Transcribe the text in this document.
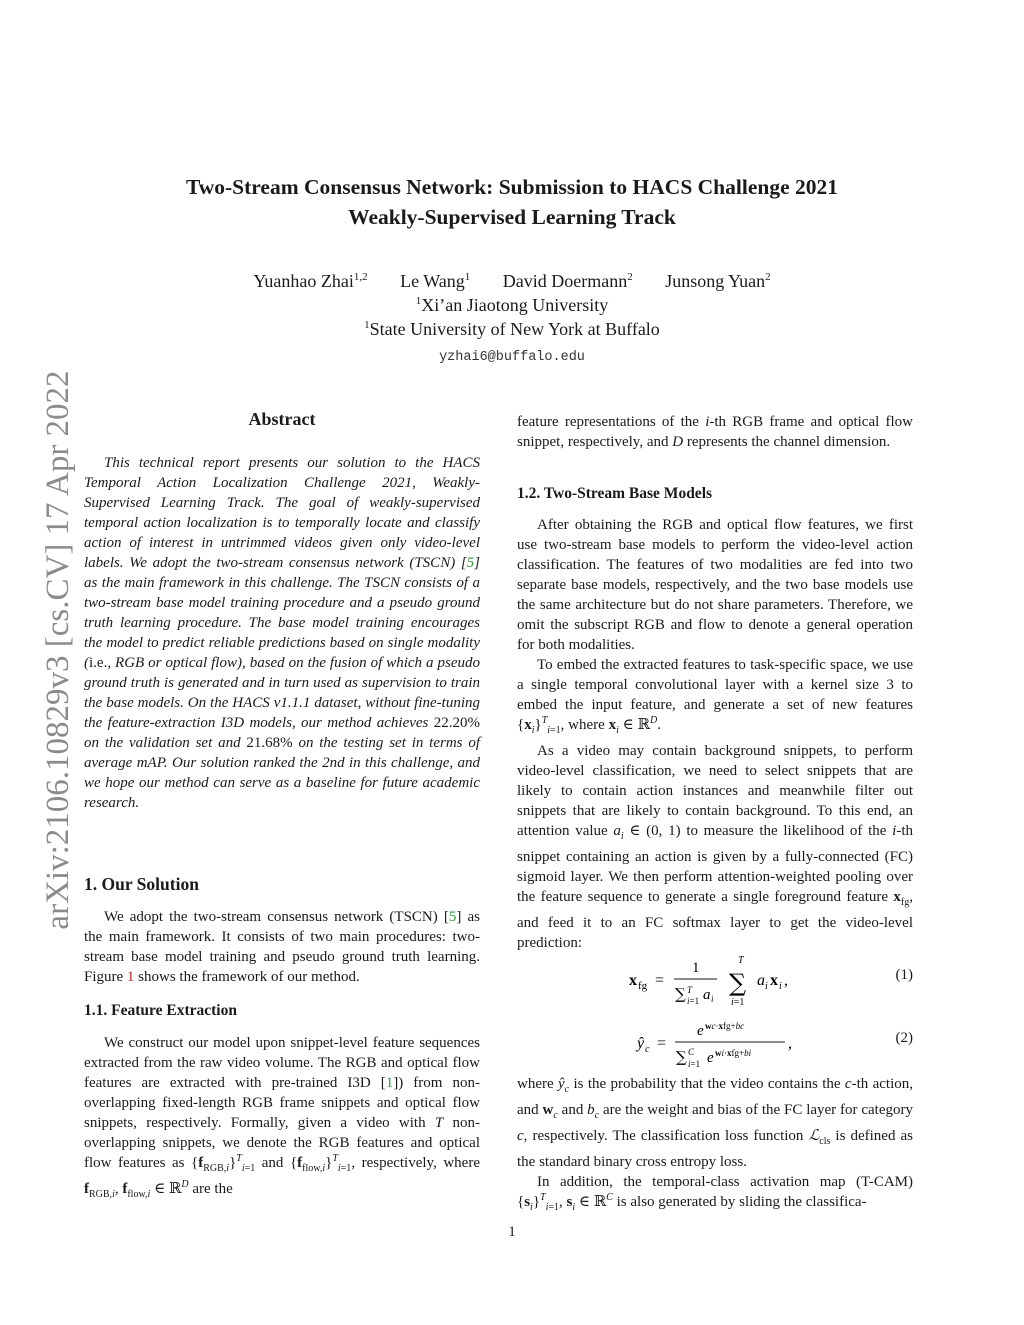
arXiv:2106.10829v3 [cs.CV] 17 Apr 2022
Two-Stream Consensus Network: Submission to HACS Challenge 2021
Weakly-Supervised Learning Track
Yuanhao Zhai$^{1,2}$ Le Wang$^1$ David Doermann$^2$ Junsong Yuan$^2$
$^1$Xi’an Jiaotong University
$^1$State University of New York at Buffalo
yzhai6@buffalo.edu
Abstract

This technical report presents our solution to the HACS Temporal Action Localization Challenge 2021, Weakly-Supervised Learning Track. The goal of weakly-supervised temporal action localization is to temporally locate and classify action of interest in untrimmed videos given only video-level labels. We adopt the two-stream consensus network (TSCN) [5] as the main framework in this challenge. The TSCN consists of a two-stream base model training procedure and a pseudo ground truth learning procedure. The base model training encourages the model to predict reliable predictions based on single modality (i.e., RGB or optical flow), based on the fusion of which a pseudo ground truth is generated and in turn used as supervision to train the base models. On the HACS v1.1.1 dataset, without fine-tuning the feature-extraction I3D models, our method achieves 22.20% on the validation set and 21.68% on the testing set in terms of average mAP. Our solution ranked the 2nd in this challenge, and we hope our method can serve as a baseline for future academic research.

1. Our Solution

We adopt the two-stream consensus network (TSCN) [5] as the main framework. It consists of two main procedures: two-stream base model training and pseudo ground truth learning. Figure 1 shows the framework of our method.

1.1. Feature Extraction

We construct our model upon snippet-level feature sequences extracted from the raw video volume. The RGB and optical flow features are extracted with pre-trained I3D [1]) from non-overlapping fixed-length RGB frame snippets and optical flow snippets, respectively. Formally, given a video with T non-overlapping snippets, we denote the RGB features and optical flow features as $\{f_{RGB,i}\}^T_{i=1}$ and $\{f_{flow,i}\}^T_{i=1}$, respectively, where $f_{RGB,i}$, $f_{flow,i}$ ∈ ℝ$^D$ are the

feature representations of the i-th RGB frame and optical flow snippet, respectively, and D represents the channel dimension.

1.2. Two-Stream Base Models

After obtaining the RGB and optical flow features, we first use two-stream base models to perform the video-level action classification. The features of two modalities are fed into two separate base models, respectively, and the two base models use the same architecture but do not share parameters. Therefore, we omit the subscript RGB and flow to denote a general operation for both modalities.

To embed the extracted features to task-specific space, we use a single temporal convolutional layer with a kernel size 3 to embed the input feature, and generate a set of new features $\{x_i\}^T_{i=1}$, where $x_i$ ∈ ℝ$^D$.

As a video may contain background snippets, to perform video-level classification, we need to select snippets that are likely to contain action instances and meanwhile filter out snippets that are likely to contain background. To this end, an attention value $a_i$ ∈ (0, 1) to measure the likelihood of the i-th snippet containing an action is given by a fully-connected (FC) sigmoid layer. We then perform attention-weighted pooling over the feature sequence to generate a single foreground feature $x_{fg}$, and feed it to an FC softmax layer to get the video-level prediction:

x fg =
1
∑ T
i=1 a i
T
∑
i=1
a i x i ,	(1)
ŷ c =
e wc·xfg+bc
∑ C
i=1 e wi·xfg+bi
,	(2)

where $ŷ_c$ is the probability that the video contains the c-th action, and $w_c$ and $b_c$ are the weight and bias of the FC layer for category c, respectively. The classification loss function ℒ$_{cls}$ is defined as the standard binary cross entropy loss.

In addition, the temporal-class activation map (T-CAM) $\{s_i\}^T_{i=1}$, $s_i$ ∈ ℝ$^C$ is also generated by sliding the classifica-

1
